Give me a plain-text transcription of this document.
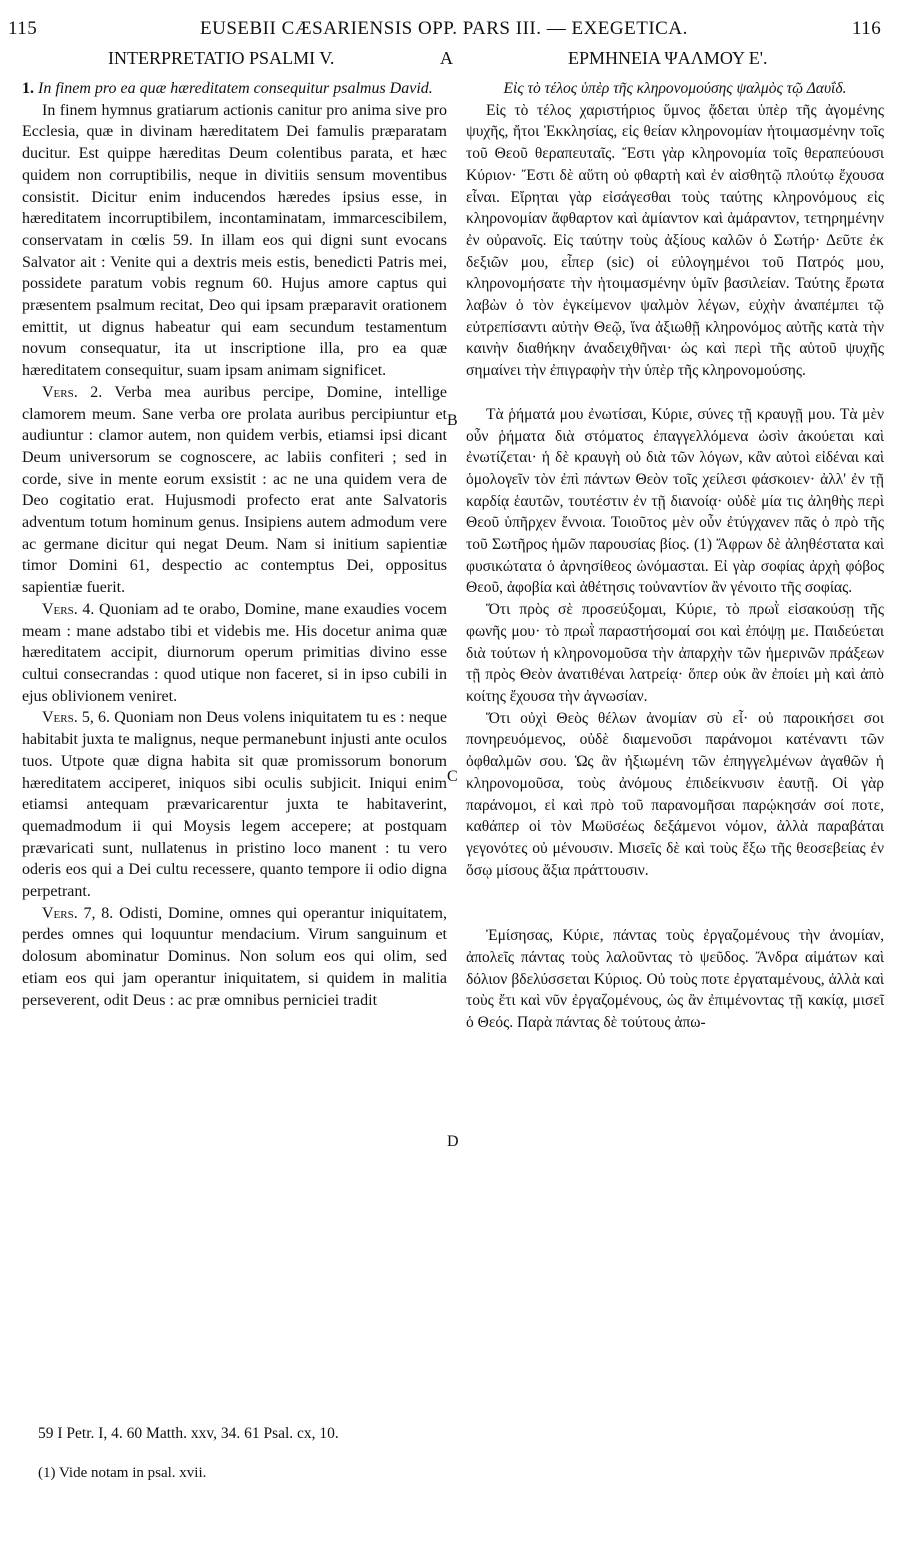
115	EUSEBII CÆSARIENSIS OPP. PARS III. — EXEGETICA.	116
INTERPRETATIO PSALMI V.	A	ΕΡΜΗΝΕΙΑ ΨΑΛΜΟΥ Ε'.

1. In finem pro ea quæ hæreditatem consequitur psalmus David.

In finem hymnus gratiarum actionis canitur pro anima sive pro Ecclesia, quæ in divinam hæreditatem Dei famulis præparatam ducitur. Est quippe hæreditas Deum colentibus parata, et hæc quidem non corruptibilis, neque in divitiis sensum moventibus consistit. Dicitur enim inducendos hæredes ipsius esse, in hæreditatem incorruptibilem, incontaminatam, immarcescibilem, conservatam in cœlis 59. In illam eos qui digni sunt evocans Salvator ait : Venite qui a dextris meis estis, benedicti Patris mei, possidete paratum vobis regnum 60. Hujus amore captus qui præsentem psalmum recitat, Deo qui ipsam præparavit orationem emittit, ut dignus habeatur qui eam secundum testamentum novum consequatur, ita ut inscriptione illa, pro ea quæ hæreditatem consequitur, suam ipsam animam significet.

Vers. 2. Verba mea auribus percipe, Domine, intellige clamorem meum. Sane verba ore prolata auribus percipiuntur et audiuntur : clamor autem, non quidem verbis, etiamsi ipsi dicant Deum universorum se cognoscere, ac labiis confiteri ; sed in corde, sive in mente eorum exsistit : ac ne una quidem vera de Deo cogitatio erat. Hujusmodi profecto erat ante Salvatoris adventum totum hominum genus. Insipiens autem admodum vere ac germane dicitur qui negat Deum. Nam si initium sapientiæ timor Domini 61, despectio ac contemptus Dei, oppositus sapientiæ fuerit.

Vers. 4. Quoniam ad te orabo, Domine, mane exaudies vocem meam : mane adstabo tibi et videbis me. His docetur anima quæ hæreditatem accipit, diurnorum operum primitias divino esse cultui consecrandas : quod utique non faceret, si in ipso cubili in ejus oblivionem veniret.

Vers. 5, 6. Quoniam non Deus volens iniquitatem tu es : neque habitabit juxta te malignus, neque permanebunt injusti ante oculos tuos. Utpote quæ digna habita sit quæ promissorum bonorum hæreditatem acciperet, iniquos sibi oculis subjicit. Iniqui enim etiamsi antequam prævaricarentur juxta te habitaverint, quemadmodum ii qui Moysis legem accepere; at postquam prævaricati sunt, nullatenus in pristino loco manent : tu vero oderis eos qui a Dei cultu recessere, quanto tempore ii odio digna perpetrant.

Vers. 7, 8. Odisti, Domine, omnes qui operantur iniquitatem, perdes omnes qui loquuntur mendacium. Virum sanguinum et dolosum abominatur Dominus. Non solum eos qui olim, sed etiam eos qui jam operantur iniquitatem, si quidem in malitia perseverent, odit Deus : ac præ omnibus perniciei tradit

B
C
D

Εἰς τὸ τέλος ὑπὲρ τῆς κληρονομούσης ψαλμὸς τῷ Δαυΐδ.

Εἰς τὸ τέλος χαριστήριος ὕμνος ᾄδεται ὑπὲρ τῆς ἀγομένης ψυχῆς, ἤτοι Ἐκκλησίας, εἰς θείαν κληρονομίαν ἡτοιμασμένην τοῖς τοῦ Θεοῦ θεραπευταῖς. Ἔστι γὰρ κληρονομία τοῖς θεραπεύουσι Κύριον· Ἔστι δὲ αὕτη οὐ φθαρτὴ καὶ ἐν αἰσθητῷ πλούτῳ ἔχουσα εἶναι. Εἴρηται γὰρ εἰσάγεσθαι τοὺς ταύτης κληρονόμους εἰς κληρονομίαν ἄφθαρτον καὶ ἀμίαντον καὶ ἀμάραντον, τετηρημένην ἐν οὐρανοῖς. Εἰς ταύτην τοὺς ἀξίους καλῶν ὁ Σωτήρ· Δεῦτε ἐκ δεξιῶν μου, εἶπερ (sic) οἱ εὐλογημένοι τοῦ Πατρός μου, κληρονομήσατε τὴν ἡτοιμασμένην ὑμῖν βασιλείαν. Ταύτης ἔρωτα λαβὼν ὁ τὸν ἐγκείμενον ψαλμὸν λέγων, εὐχὴν ἀναπέμπει τῷ εὐτρεπίσαντι αὐτὴν Θεῷ, ἵνα ἀξιωθῇ κληρονόμος αὐτῆς κατὰ τὴν καινὴν διαθήκην ἀναδειχθῆναι· ὡς καὶ περὶ τῆς αὑτοῦ ψυχῆς σημαίνει τὴν ἐπιγραφὴν τὴν ὑπὲρ τῆς κληρονομούσης.

Τὰ ῥήματά μου ἐνωτίσαι, Κύριε, σύνες τῇ κραυγῇ μου. Τὰ μὲν οὖν ῥήματα διὰ στόματος ἐπαγγελλόμενα ὠσὶν ἀκούεται καὶ ἐνωτίζεται· ἡ δὲ κραυγὴ οὐ διὰ τῶν λόγων, κἂν αὐτοὶ εἰδέναι καὶ ὁμολογεῖν τὸν ἐπὶ πάντων Θεὸν τοῖς χείλεσι φάσκοιεν· ἀλλ' ἐν τῇ καρδίᾳ ἑαυτῶν, τουτέστιν ἐν τῇ διανοίᾳ· οὐδὲ μία τις ἀληθὴς περὶ Θεοῦ ὑπῆρχεν ἔννοια. Τοιοῦτος μὲν οὖν ἐτύγχανεν πᾶς ὁ πρὸ τῆς τοῦ Σωτῆρος ἡμῶν παρουσίας βίος. (1) Ἄφρων δὲ ἀληθέστατα καὶ φυσικώτατα ὁ ἀρνησίθεος ὠνόμασται. Εἰ γὰρ σοφίας ἀρχὴ φόβος Θεοῦ, ἀφοβία καὶ ἀθέτησις τοὐναντίον ἂν γένοιτο τῆς σοφίας.

Ὅτι πρὸς σὲ προσεύξομαι, Κύριε, τὸ πρωῒ εἰσακούσῃ τῆς φωνῆς μου· τὸ πρωῒ παραστήσομαί σοι καὶ ἐπόψῃ με. Παιδεύεται διὰ τούτων ἡ κληρονομοῦσα τὴν ἀπαρχὴν τῶν ἡμερινῶν πράξεων τῇ πρὸς Θεὸν ἀνατιθέναι λατρείᾳ· ὅπερ οὐκ ἂν ἐποίει μὴ καὶ ἀπὸ κοίτης ἔχουσα τὴν ἀγνωσίαν.

Ὅτι οὐχὶ Θεὸς θέλων ἀνομίαν σὺ εἶ· οὐ παροικήσει σοι πονηρευόμενος, οὐδὲ διαμενοῦσι παράνομοι κατέναντι τῶν ὀφθαλμῶν σου. Ὡς ἂν ἠξιωμένη τῶν ἐπηγγελμένων ἀγαθῶν ἡ κληρονομοῦσα, τοὺς ἀνόμους ἐπιδείκνυσιν ἑαυτῇ. Οἱ γὰρ παράνομοι, εἰ καὶ πρὸ τοῦ παρανομῆσαι παρῴκησάν σοί ποτε, καθάπερ οἱ τὸν Μωϋσέως δεξάμενοι νόμον, ἀλλὰ παραβάται γεγονότες οὐ μένουσιν. Μισεῖς δὲ καὶ τοὺς ἔξω τῆς θεοσεβείας ἐν ὅσῳ μίσους ἄξια πράττουσιν.

Ἐμίσησας, Κύριε, πάντας τοὺς ἐργαζομένους τὴν ἀνομίαν, ἀπολεῖς πάντας τοὺς λαλοῦντας τὸ ψεῦδος. Ἄνδρα αἱμάτων καὶ δόλιον βδελύσσεται Κύριος. Οὐ τοὺς ποτε ἐργαταμένους, ἀλλὰ καὶ τοὺς ἔτι καὶ νῦν ἐργαζομένους, ὡς ἂν ἐπιμένοντας τῇ κακίᾳ, μισεῖ ὁ Θεός. Παρὰ πάντας δὲ τούτους ἀπω-

59 I Petr. I, 4. 60 Matth. xxv, 34. 61 Psal. cx, 10.
(1) Vide notam in psal. xvii.
